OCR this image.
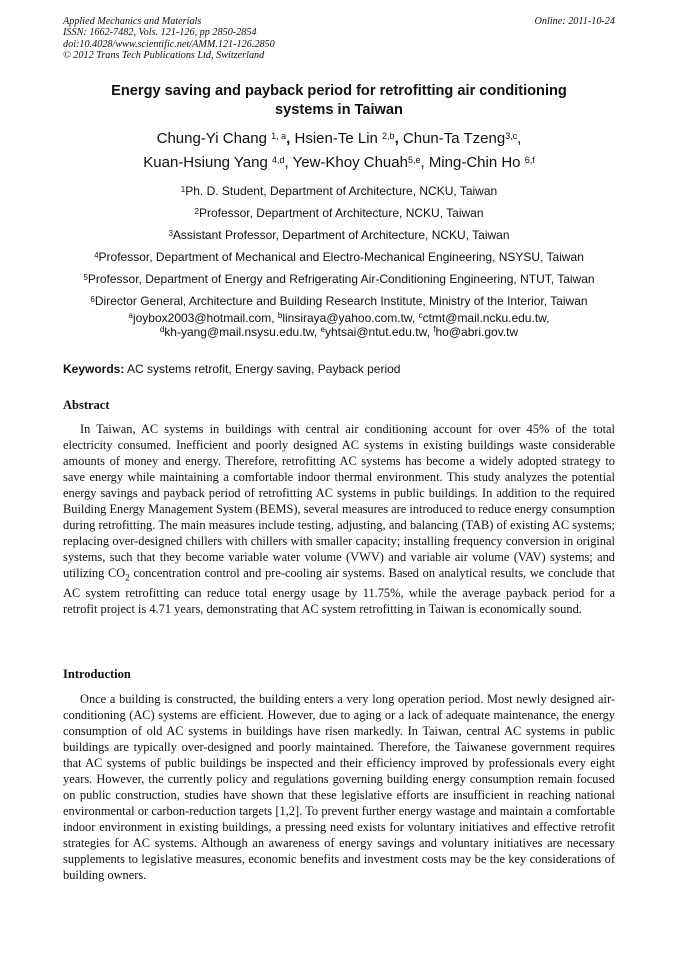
Applied Mechanics and Materials
ISSN: 1662-7482, Vols. 121-126, pp 2850-2854
doi:10.4028/www.scientific.net/AMM.121-126.2850
© 2012 Trans Tech Publications Ltd, Switzerland
Online: 2011-10-24
Energy saving and payback period for retrofitting air conditioning
systems in Taiwan
Chung-Yi Chang $^{1, a}$, Hsien-Te Lin $^{2,b}$, Chun-Ta Tzeng$^{3,c}$,
Kuan-Hsiung Yang $^{4,d}$, Yew-Khoy Chuah$^{5,e}$, Ming-Chin Ho $^{6,f}$
$^1$Ph. D. Student, Department of Architecture, NCKU, Taiwan
$^2$Professor, Department of Architecture, NCKU, Taiwan
$^3$Assistant Professor, Department of Architecture, NCKU, Taiwan
$^4$Professor, Department of Mechanical and Electro-Mechanical Engineering, NSYSU, Taiwan
$^5$Professor, Department of Energy and Refrigerating Air-Conditioning Engineering, NTUT, Taiwan
$^6$Director General, Architecture and Building Research Institute, Ministry of the Interior, Taiwan
$^a$joybox2003@hotmail.com, $^b$linsiraya@yahoo.com.tw, $^c$ctmt@mail.ncku.edu.tw,
$^d$kh-yang@mail.nsysu.edu.tw, $^e$yhtsai@ntut.edu.tw, $^f$ho@abri.gov.tw
Keywords: AC systems retrofit, Energy saving, Payback period
Abstract
In Taiwan, AC systems in buildings with central air conditioning account for over 45% of the total electricity consumed. Inefficient and poorly designed AC systems in existing buildings waste considerable amounts of money and energy. Therefore, retrofitting AC systems has become a widely adopted strategy to save energy while maintaining a comfortable indoor thermal environment. This study analyzes the potential energy savings and payback period of retrofitting AC systems in public buildings. In addition to the required Building Energy Management System (BEMS), several measures are introduced to reduce energy consumption during retrofitting. The main measures include testing, adjusting, and balancing (TAB) of existing AC systems; replacing over-designed chillers with chillers with smaller capacity; installing frequency conversion in original systems, such that they become variable water volume (VWV) and variable air volume (VAV) systems; and utilizing $CO_2$ concentration control and pre-cooling air systems. Based on analytical results, we conclude that AC system retrofitting can reduce total energy usage by 11.75%, while the average payback period for a retrofit project is 4.71 years, demonstrating that AC system retrofitting in Taiwan is economically sound.
Introduction
Once a building is constructed, the building enters a very long operation period. Most newly designed air-conditioning (AC) systems are efficient. However, due to aging or a lack of adequate maintenance, the energy consumption of old AC systems in buildings have risen markedly. In Taiwan, central AC systems in public buildings are typically over-designed and poorly maintained. Therefore, the Taiwanese government requires that AC systems of public buildings be inspected and their efficiency improved by professionals every eight years. However, the currently policy and regulations governing building energy consumption remain focused on public construction, studies have shown that these legislative efforts are insufficient in reaching national environmental or carbon-reduction targets [1,2]. To prevent further energy wastage and maintain a comfortable indoor environment in existing buildings, a pressing need exists for voluntary initiatives and effective retrofit strategies for AC systems. Although an awareness of energy savings and voluntary initiatives are necessary supplements to legislative measures, economic benefits and investment costs may be the key considerations of building owners.
